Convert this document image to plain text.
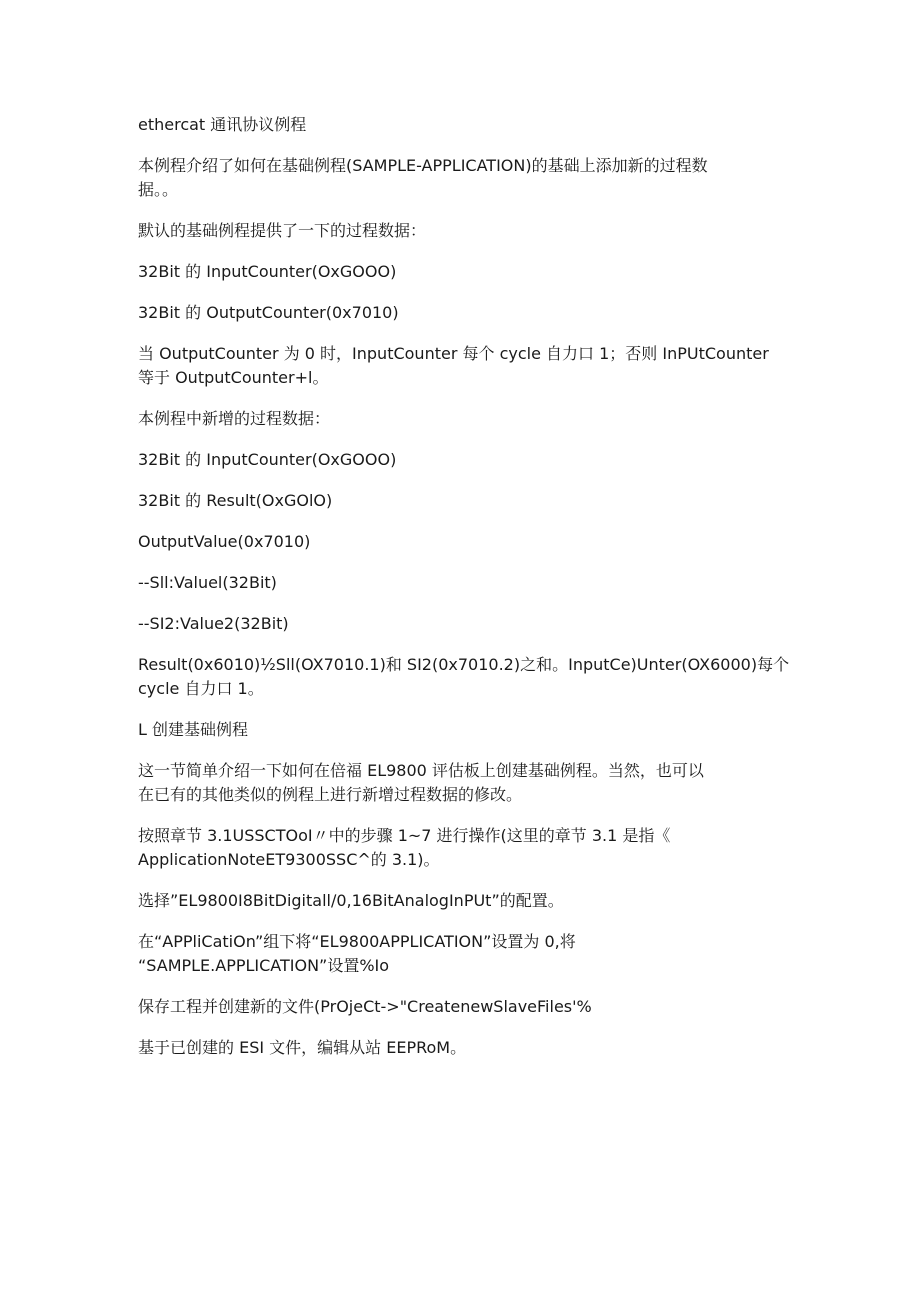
ethercat 通讯协议例程

本例程介绍了如何在基础例程(SAMPLE-APPLICATION)的基础上添加新的过程数
据。。

默认的基础例程提供了一下的过程数据：

32Bit 的 InputCounter(OxGOOO)

32Bit 的 OutputCounter(0x7010)

当 OutputCounter 为 0 时，InputCounter 每个 cycle 自力口 1；否则 InPUtCounter
等于 OutputCounter+l。

本例程中新增的过程数据：

32Bit 的 InputCounter(OxGOOO)

32Bit 的 Result(OxGOlO)

OutputValue(0x7010)

--Sll:Valuel(32Bit)

--SI2:Value2(32Bit)

Result(0x6010)½Sll(OX7010.1)和 SI2(0x7010.2)之和。InputCe)Unter(OX6000)每个
cycle 自力口 1。

L 创建基础例程

这一节简单介绍一下如何在倍福 EL9800 评估板上创建基础例程。当然，也可以
在已有的其他类似的例程上进行新增过程数据的修改。

按照章节 3.1USSCTOoI〃中的步骤 1~7 进行操作(这里的章节 3.1 是指《
ApplicationNoteET9300SSC^的 3.1)。

选择”EL9800I8BitDigitall∕0,16BitAnalogInPUt”的配置。

在“APPliCatiOn”组下将“EL9800APPLICATION”设置为 0,将
“SAMPLE.APPLICATION”设置%Io

保存工程并创建新的文件(PrOjeCt->"CreatenewSlaveFiles'%

基于已创建的 ESI 文件，编辑从站 EEPRoM。
